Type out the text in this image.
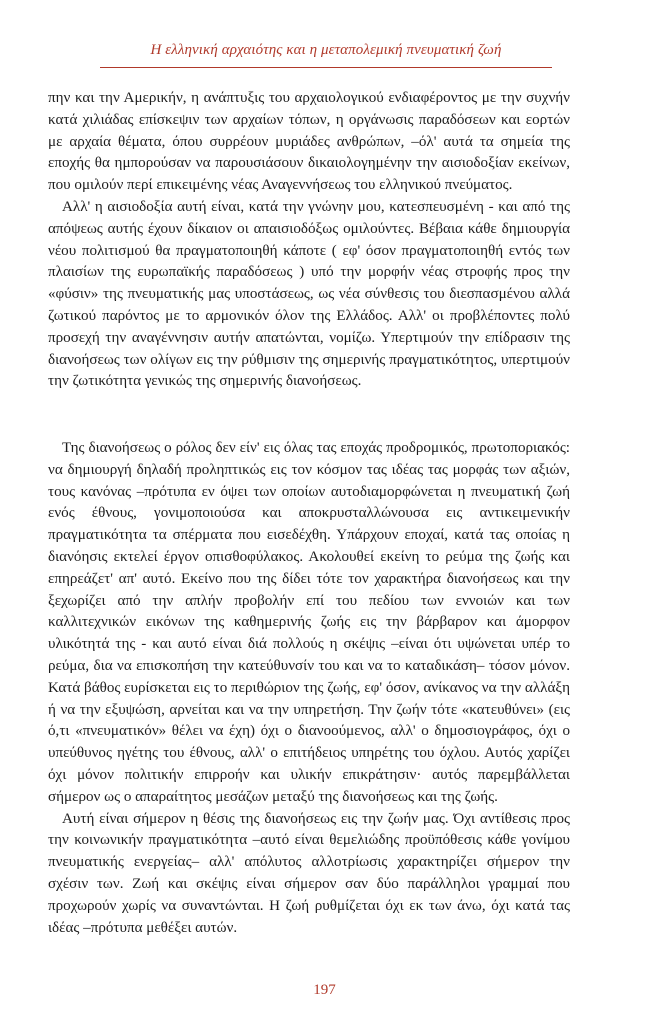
Η ελληνική αρχαιότης και η μεταπολεμική πνευματική ζωή

πην και την Αμερικήν, η ανάπτυξις του αρχαιολογικού ενδιαφέροντος με την συχνήν κατά χιλιάδας επίσκεψιν των αρχαίων τόπων, η οργάνωσις παραδόσεων και εορτών με αρχαία θέματα, όπου συρρέουν μυριάδες ανθρώπων, –όλ' αυτά τα σημεία της εποχής θα ημπορούσαν να παρουσιάσουν δικαιολογημένην την αισιοδοξίαν εκείνων, που ομιλούν περί επικειμένης νέας Αναγεννήσεως του ελληνικού πνεύματος.

Αλλ' η αισιοδοξία αυτή είναι, κατά την γνώνην μου, κατεσπευσμένη - και από της απόψεως αυτής έχουν δίκαιον οι απαισιοδόξως ομιλούντες. Βέβαια κάθε δημιουργία νέου πολιτισμού θα πραγματοποιηθή κάποτε ( εφ' όσον πραγματοποιηθή εντός των πλαισίων της ευρωπαϊκής παραδόσεως ) υπό την μορφήν νέας στροφής προς την «φύσιν» της πνευματικής μας υποστάσεως, ως νέα σύνθεσις του διεσπασμένου αλλά ζωτικού παρόντος με το αρμονικόν όλον της Ελλάδος. Αλλ' οι προβλέποντες πολύ προσεχή την αναγέννησιν αυτήν απατώνται, νομίζω. Υπερτιμούν την επίδρασιν της διανοήσεως των ολίγων εις την ρύθμισιν της σημερινής πραγματικότητος, υπερτιμούν την ζωτικότητα γενικώς της σημερινής διανοήσεως.

Της διανοήσεως ο ρόλος δεν είν' εις όλας τας εποχάς προδρομικός, πρωτοποριακός: να δημιουργή δηλαδή προληπτικώς εις τον κόσμον τας ιδέας τας μορφάς των αξιών, τους κανόνας –πρότυπα εν όψει των οποίων αυτοδιαμορφώνεται η πνευματική ζωή ενός έθνους, γονιμοποιούσα και αποκρυσταλλώνουσα εις αντικειμενικήν πραγματικότητα τα σπέρματα που εισεδέχθη. Υπάρχουν εποχαί, κατά τας οποίας η διανόησις εκτελεί έργον οπισθοφύλακος. Ακολουθεί εκείνη το ρεύμα της ζωής και επηρεάζετ' απ' αυτό. Εκείνο που της δίδει τότε τον χαρακτήρα διανοήσεως και την ξεχωρίζει από την απλήν προβολήν επί του πεδίου των εννοιών και των καλλιτεχνικών εικόνων της καθημερινής ζωής εις την βάρβαρον και άμορφον υλικότητά της - και αυτό είναι διά πολλούς η σκέψις –είναι ότι υψώνεται υπέρ το ρεύμα, δια να επισκοπήση την κατεύθυνσίν του και να το καταδικάση– τόσον μόνον. Κατά βάθος ευρίσκεται εις το περιθώριον της ζωής, εφ' όσον, ανίκανος να την αλλάξη ή να την εξυψώση, αρνείται και να την υπηρετήση. Την ζωήν τότε «κατευθύνει» (εις ό,τι «πνευματικόν» θέλει να έχη) όχι ο διανοούμενος, αλλ' ο δημοσιογράφος, όχι ο υπεύθυνος ηγέτης του έθνους, αλλ' ο επιτήδειος υπηρέτης του όχλου. Αυτός χαρίζει όχι μόνον πολιτικήν επιρροήν και υλικήν επικράτησιν· αυτός παρεμβάλλεται σήμερον ως ο απαραίτητος μεσάζων μεταξύ της διανοήσεως και της ζωής.

Αυτή είναι σήμερον η θέσις της διανοήσεως εις την ζωήν μας. Όχι αντίθεσις προς την κοινωνικήν πραγματικότητα –αυτό είναι θεμελιώδης προϋπόθεσις κάθε γονίμου πνευματικής ενεργείας– αλλ' απόλυτος αλλοτρίωσις χαρακτηρίζει σήμερον την σχέσιν των. Ζωή και σκέψις είναι σήμερον σαν δύο παράλληλοι γραμμαί που προχωρούν χωρίς να συναντώνται. Η ζωή ρυθμίζεται όχι εκ των άνω, όχι κατά τας ιδέας –πρότυπα μεθέξει αυτών.

197
